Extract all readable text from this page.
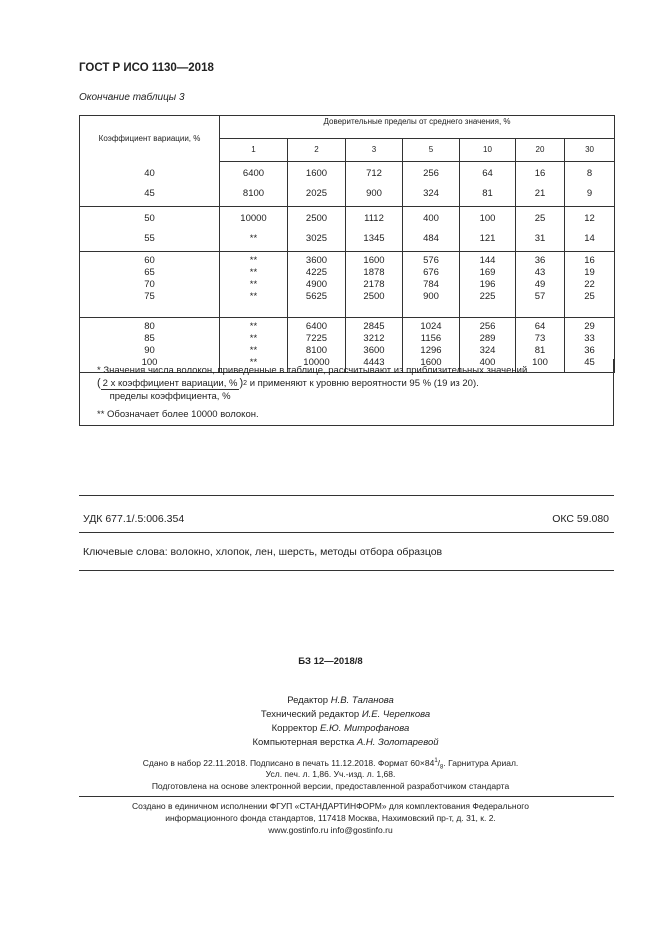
ГОСТ Р ИСО 1130—2018
Окончание таблицы 3
Коэффициент вариации, %	Доверительные пределы от среднего значения, %						
	1	2	3	5	10	20	30
40	6400	1600	712	256	64	16	8
45	8100	2025	900	324	81	21	9
50	10000	2500	1112	400	100	25	12
55	**	3025	1345	484	121	31	14
60	**	3600	1600	576	144	36	16
65	**	4225	1878	676	169	43	19
70	**	4900	2178	784	196	49	22
75	**	5625	2500	900	225	57	25
80	**	6400	2845	1024	256	64	29
85	**	7225	3212	1156	289	73	33
90	**	8100	3600	1296	324	81	36
100	**	10000	4443	1600	400	100	45
* Значения числа волокон, приведенные в таблице, рассчитывают из приблизительных значений
( 2 х коэффициент вариации, %
пределы коэффициента, %)$^2$ и применяют к уровню вероятности 95 % (19 из 20).
** Обозначает более 10000 волокон.
УДК 677.1/.5:006.354	ОКС 59.080
Ключевые слова: волокно, хлопок, лен, шерсть, методы отбора образцов
БЗ 12—2018/8
Редактор Н.В. Таланова
Технический редактор И.Е. Черепкова
Корректор Е.Ю. Митрофанова
Компьютерная верстка А.Н. Золотаревой
Сдано в набор 22.11.2018. Подписано в печать 11.12.2018. Формат $60\times 84^1/_8$. Гарнитура Ариал.
Усл. печ. л. 1,86. Уч.-изд. л. 1,68.
Подготовлена на основе электронной версии, предоставленной разработчиком стандарта
Создано в единичном исполнении ФГУП «СТАНДАРТИНФОРМ» для комплектования Федерального
информационного фонда стандартов, 117418 Москва, Нахимовский пр-т, д. 31, к. 2.
www.gostinfo.ru info@gostinfo.ru
